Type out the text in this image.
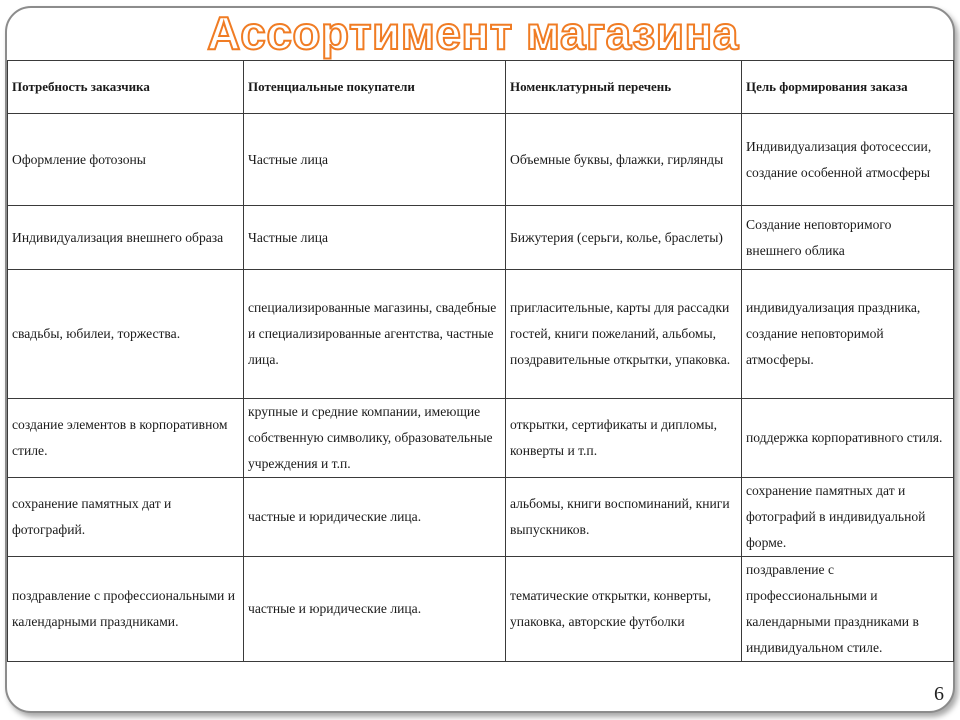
Ассортимент магазина
Потребность заказчика	Потенциальные покупатели	Номенклатурный перечень	Цель формирования заказа
Оформление фотозоны	Частные лица	Объемные буквы, флажки, гирлянды	Индивидуализация фотосессии, создание особенной атмосферы
Индивидуализация внешнего образа	Частные лица	Бижутерия (серьги, колье, браслеты)	Создание неповторимого внешнего облика
свадьбы, юбилеи, торжества.	специализированные магазины, свадебные и специализированные агентства, частные лица.	пригласительные, карты для рассадки гостей, книги пожеланий, альбомы, поздравительные открытки, упаковка.	индивидуализация праздника, создание неповторимой атмосферы.
создание элементов в корпоративном стиле.	крупные и средние компании, имеющие собственную символику, образовательные учреждения и т.п.	открытки, сертификаты и дипломы, конверты и т.п.	поддержка корпоративного стиля.
сохранение памятных дат и фотографий.	частные и юридические лица.	альбомы, книги воспоминаний, книги выпускников.	сохранение памятных дат и фотографий в индивидуальной форме.
поздравление с профессиональными и календарными праздниками.	частные и юридические лица.	тематические открытки, конверты, упаковка, авторские футболки	поздравление с профессиональными и календарными праздниками в индивидуальном стиле.
6
